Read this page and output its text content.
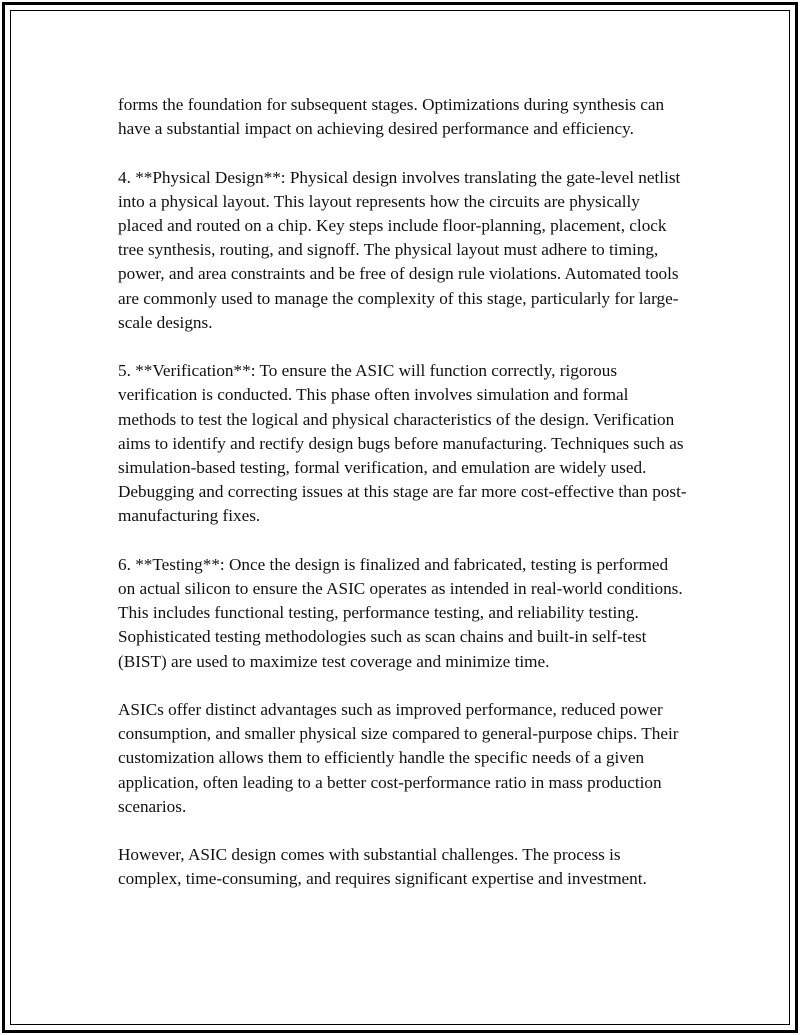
forms the foundation for subsequent stages. Optimizations during synthesis can have a substantial impact on achieving desired performance and efficiency.

4. **Physical Design**: Physical design involves translating the gate-level netlist into a physical layout. This layout represents how the circuits are physically placed and routed on a chip. Key steps include floor-planning, placement, clock tree synthesis, routing, and signoff. The physical layout must adhere to timing, power, and area constraints and be free of design rule violations. Automated tools are commonly used to manage the complexity of this stage, particularly for large-scale designs.

5. **Verification**: To ensure the ASIC will function correctly, rigorous verification is conducted. This phase often involves simulation and formal methods to test the logical and physical characteristics of the design. Verification aims to identify and rectify design bugs before manufacturing. Techniques such as simulation-based testing, formal verification, and emulation are widely used. Debugging and correcting issues at this stage are far more cost-effective than post-manufacturing fixes.

6. **Testing**: Once the design is finalized and fabricated, testing is performed on actual silicon to ensure the ASIC operates as intended in real-world conditions. This includes functional testing, performance testing, and reliability testing. Sophisticated testing methodologies such as scan chains and built-in self-test (BIST) are used to maximize test coverage and minimize time.

ASICs offer distinct advantages such as improved performance, reduced power consumption, and smaller physical size compared to general-purpose chips. Their customization allows them to efficiently handle the specific needs of a given application, often leading to a better cost-performance ratio in mass production scenarios.

However, ASIC design comes with substantial challenges. The process is complex, time-consuming, and requires significant expertise and investment.
